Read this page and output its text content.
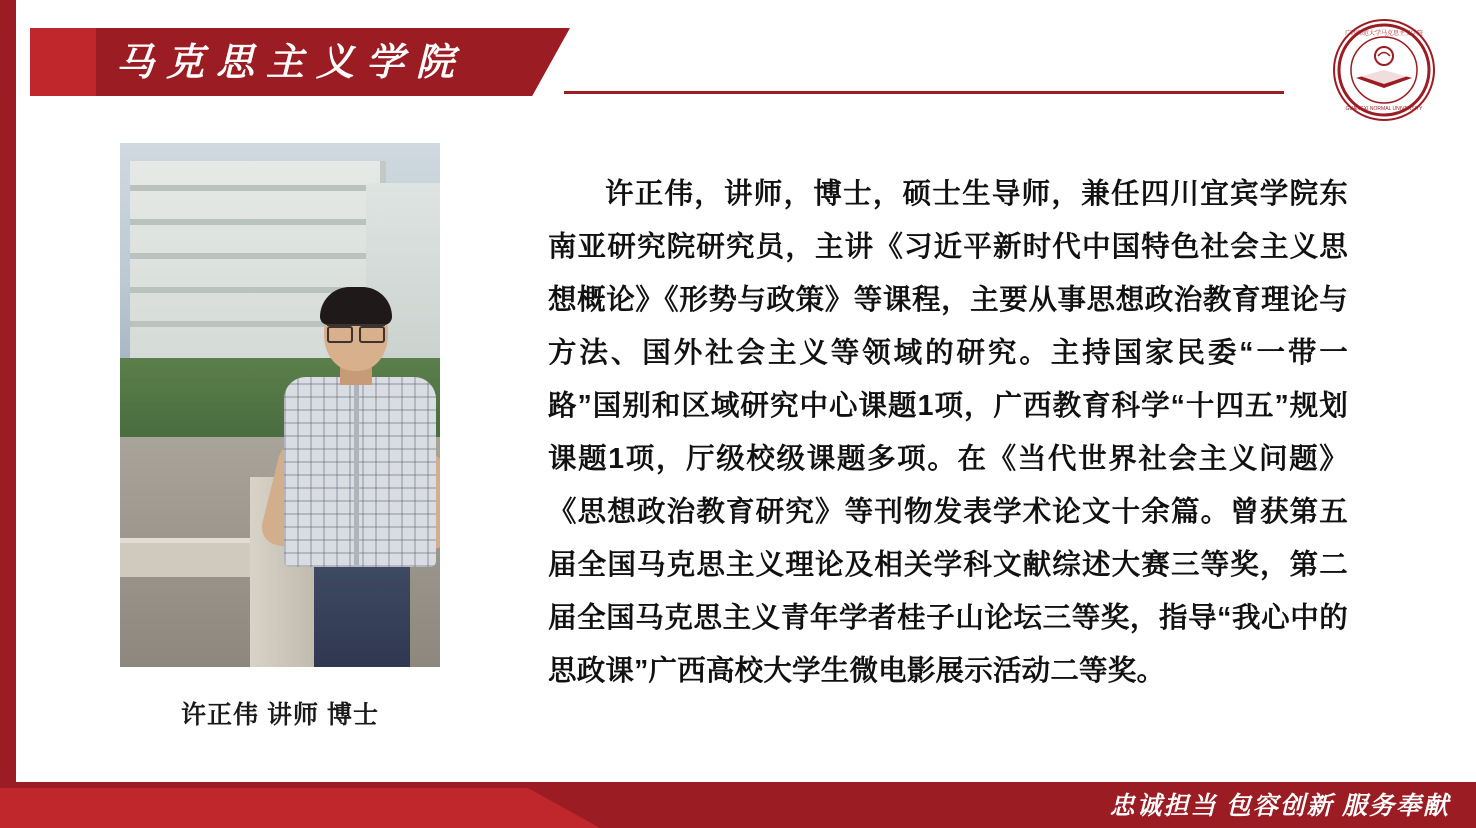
马克思主义学院
广西师范大学马克思主义学院
GUANGXI NORMAL UNIVERSITY
许正伟 讲师 博士
许正伟，讲师，博士，硕士生导师，兼任四川宜宾学院东南亚研究院研究员，主讲《习近平新时代中国特色社会主义思想概论》《形势与政策》等课程，主要从事思想政治教育理论与方法、国外社会主义等领域的研究。主持国家民委“一带一路”国别和区域研究中心课题1项，广西教育科学“十四五”规划课题1项，厅级校级课题多项。在《当代世界社会主义问题》《思想政治教育研究》等刊物发表学术论文十余篇。曾获第五届全国马克思主义理论及相关学科文献综述大赛三等奖，第二届全国马克思主义青年学者桂子山论坛三等奖，指导“我心中的思政课”广西高校大学生微电影展示活动二等奖。
忠诚担当 包容创新 服务奉献
